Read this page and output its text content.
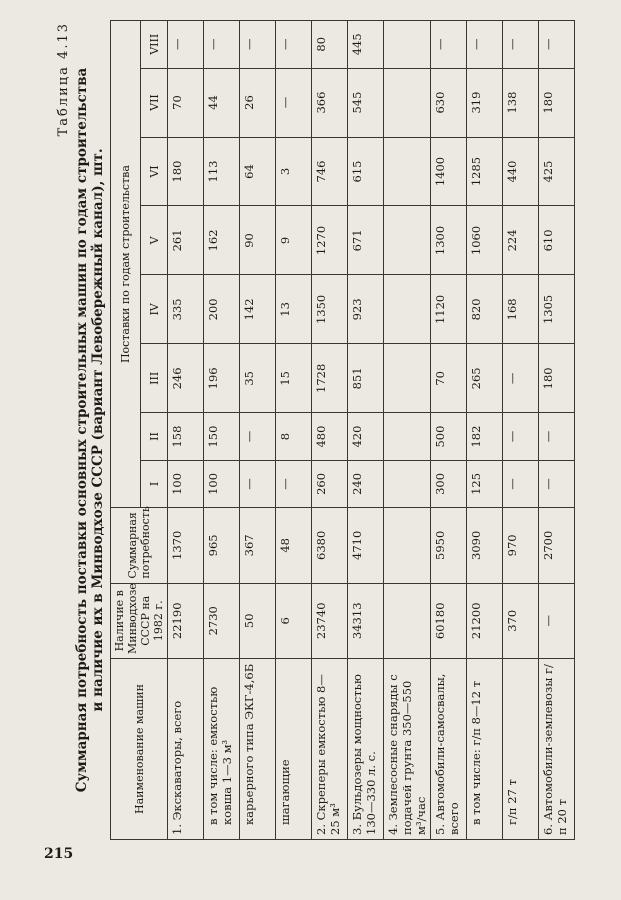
Таблица 4.13 Суммарная потребность поставки основных строительных машин по годам строительства и наличие их в Минводхозе СССР (вариант Левобережный канал), шт.
Наименование машин	Наличие в Минводхозе СССР на 1982 г.	Суммарная потребность	Поставки по годам строительства							
			I	II	III	IV	V	VI	VII	VIII
1. Экскаваторы, всего	22190	1370	100	158	246	335	261	180	70	—
в том числе: емкостью ковша 1—3 м³	2730	965	100	150	196	200	162	113	44	—
карьерного типа ЭКГ-4,6Б	50	367	—	—	35	142	90	64	26	—
шагающие	6	48	—	8	15	13	9	3	—	—
2. Скреперы емкостью 8—25 м³	23740	6380	260	480	1728	1350	1270	746	366	80
3. Бульдозеры мощностью 130—330 л. с.	34313	4710	240	420	851	923	671	615	545	445
4. Землесосные снаряды с подачей грунта 350—550 м³/час										
5. Автомобили-самосвалы, всего	60180	5950	300	500	70	1120	1300	1400	630	—
в том числе: г/п 8—12 т	21200	3090	125	182	265	820	1060	1285	319	—
г/п 27 т	370	970	—	—	—	168	224	440	138	—
6. Автомобили-землевозы г/п 20 т	—	2700	—	—	180	1305	610	425	180	—
215
